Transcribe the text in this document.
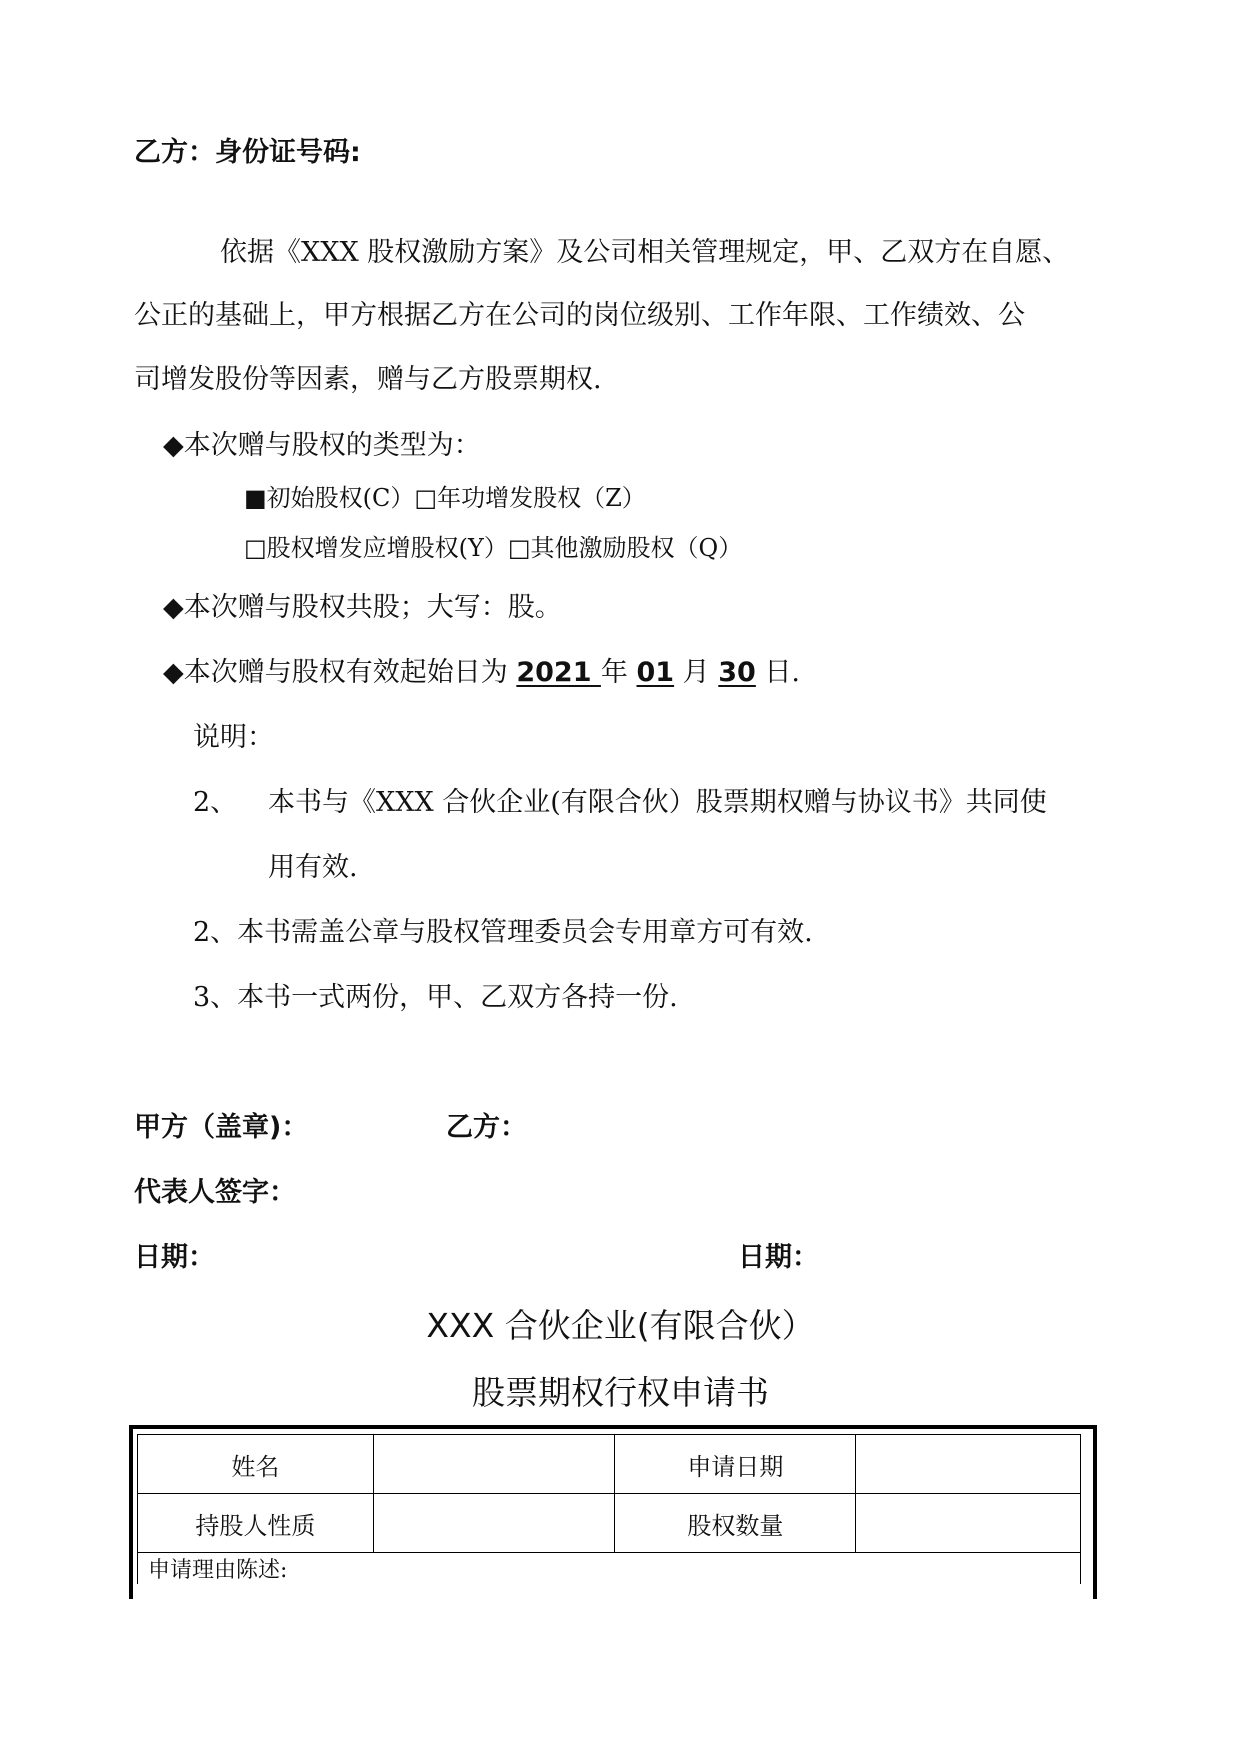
乙方：身份证号码:
依据《XXX 股权激励方案》及公司相关管理规定，甲、乙双方在自愿、
公正的基础上，甲方根据乙方在公司的岗位级别、工作年限、工作绩效、公
司增发股份等因素，赠与乙方股票期权.
◆本次赠与股权的类型为：
■初始股权(C）□年功增发股权（Z）
□股权增发应增股权(Y）□其他激励股权（Q）
◆本次赠与股权共股；大写：股。
◆本次赠与股权有效起始日为 2021 年 01 月 30 日.
说明：
2、 本书与《XXX 合伙企业(有限合伙）股票期权赠与协议书》共同使
用有效.
2、本书需盖公章与股权管理委员会专用章方可有效.
3、本书一式两份，甲、乙双方各持一份.
甲方（盖章)：	乙方：
代表人签字：
日期：	日期：
XXX 合伙企业(有限合伙）
股票期权行权申请书
姓名		申请日期	
持股人性质		股权数量	
申请理由陈述:			
